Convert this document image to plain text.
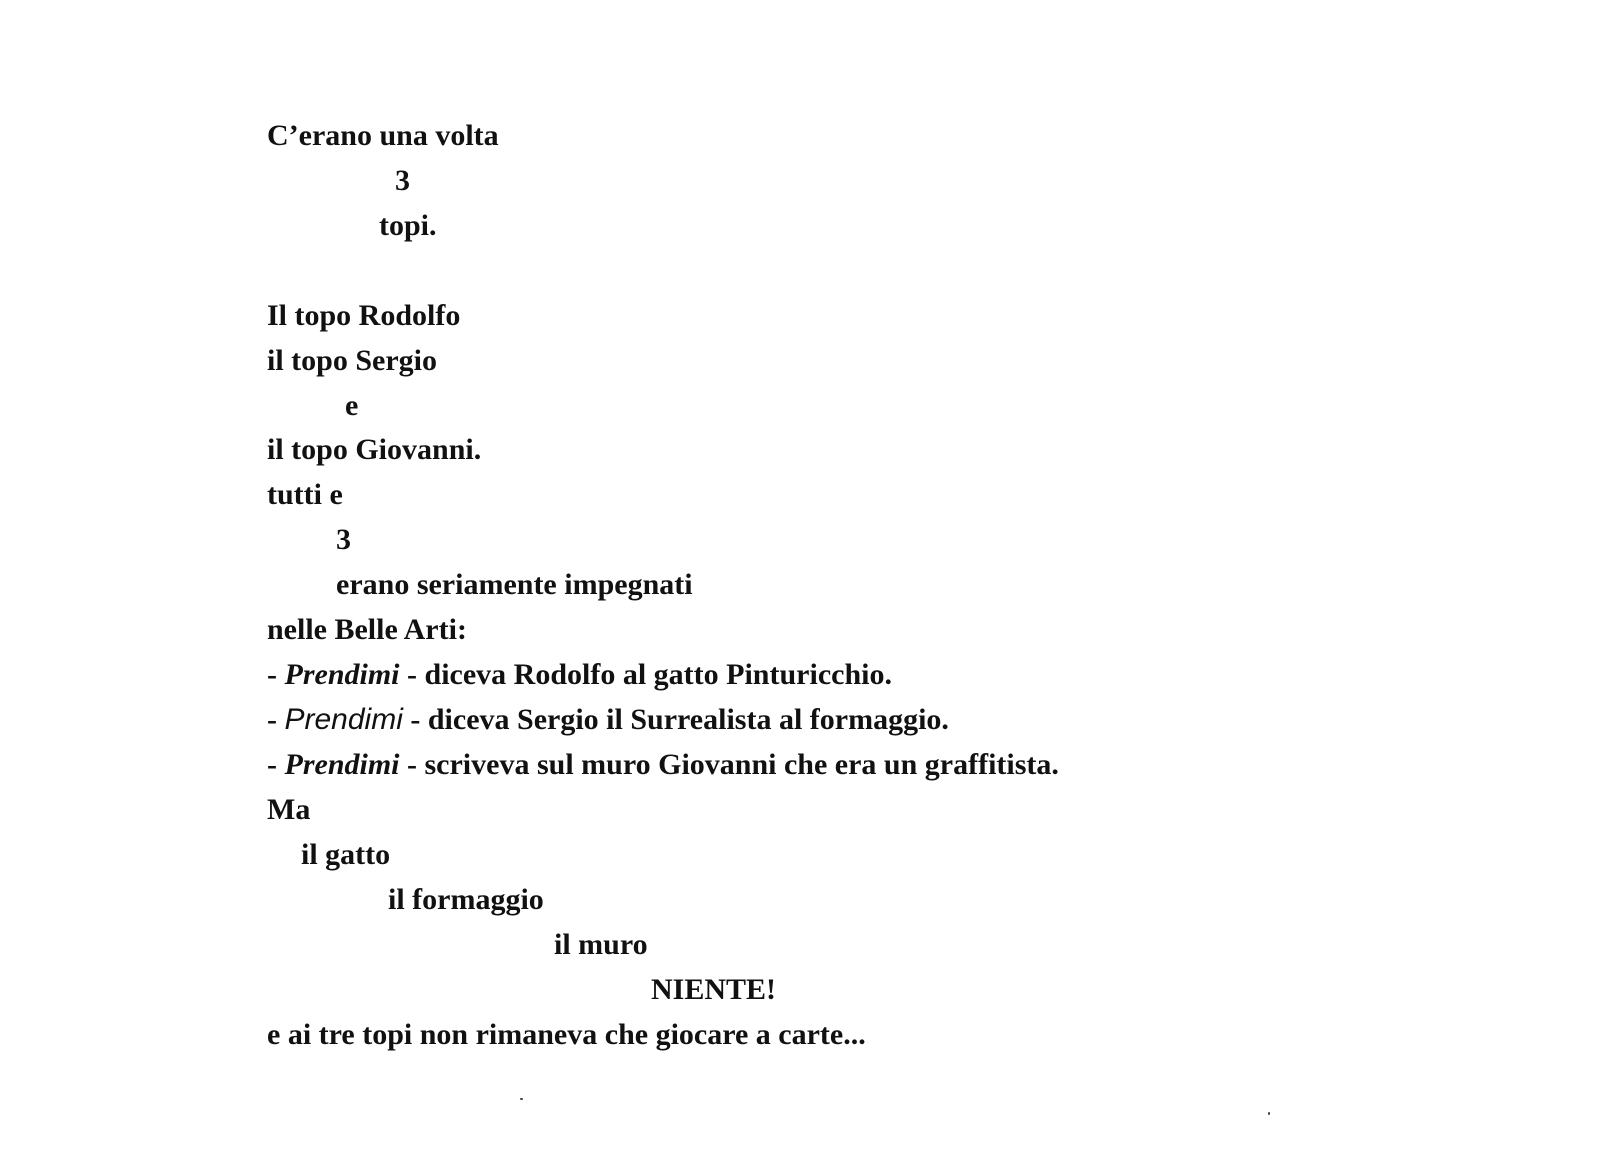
C’erano una volta
3
topi.
Il topo Rodolfo
il topo Sergio
e
il topo Giovanni.
tutti e
3
erano seriamente impegnati
nelle Belle Arti:
- Prendimi - diceva Rodolfo al gatto Pinturicchio.
- Prendimi - diceva Sergio il Surrealista al formaggio.
- Prendimi - scriveva sul muro Giovanni che era un graffitista.
Ma
il gatto
il formaggio
il muro
NIENTE!
e ai tre topi non rimaneva che giocare a carte...
